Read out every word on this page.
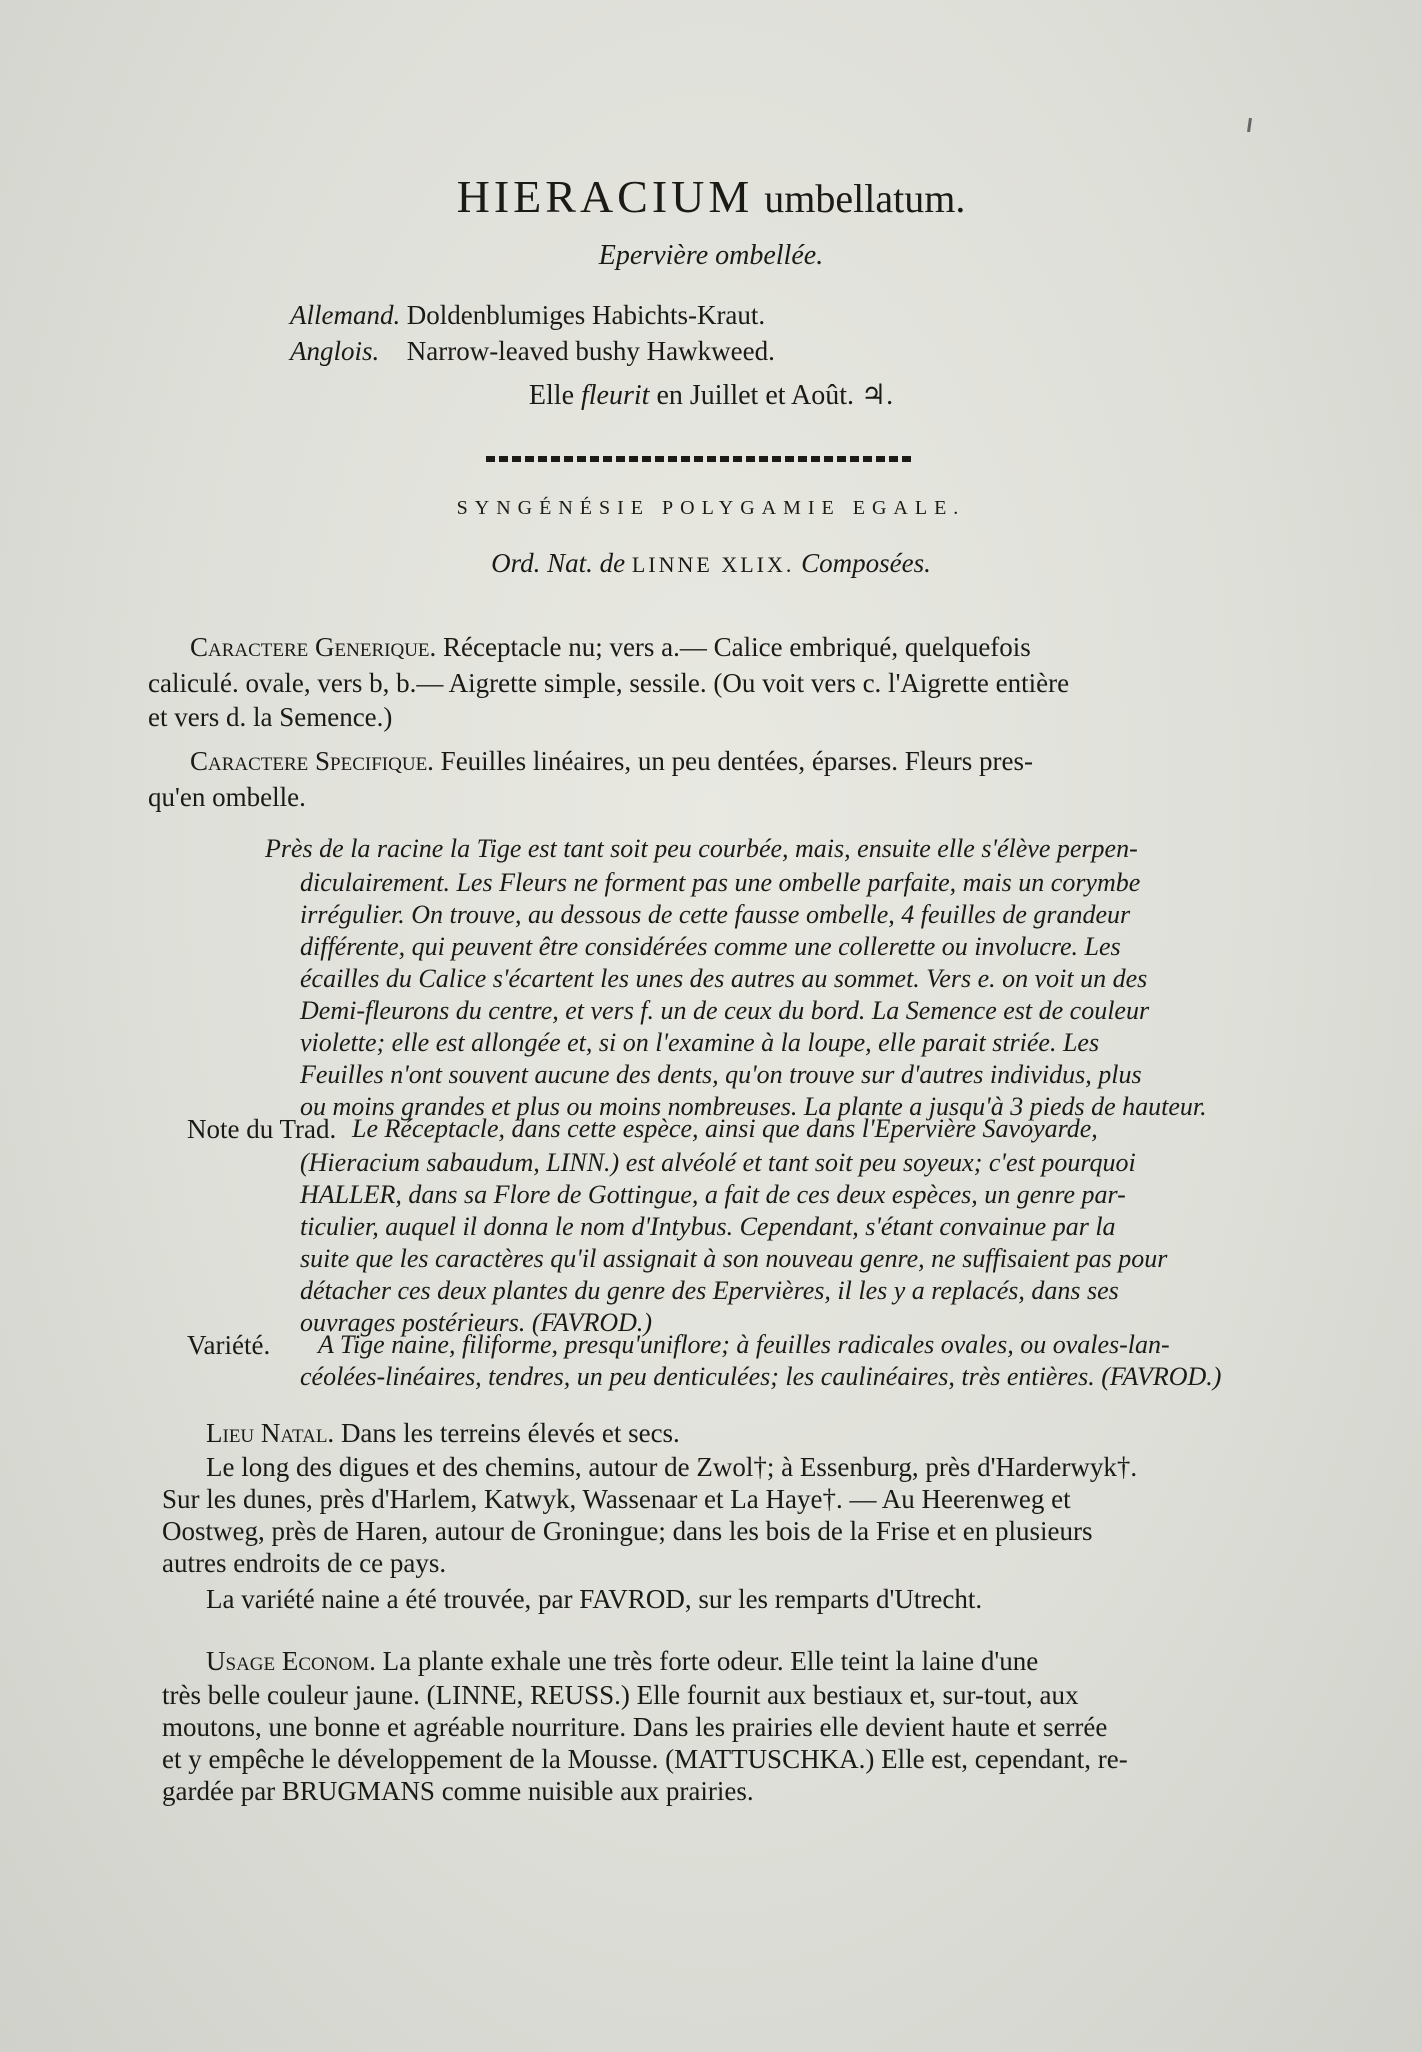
HIERACIUM umbellatum.
Epervière ombellée.
Allemand. Doldenblumiges Habichts-Kraut.
Anglois. Narrow-leaved bushy Hawkweed.
Elle fleurit en Juillet et Août. ♃.
SYNGÉNÉSIE POLYGAMIE EGALE.
Ord. Nat. de LINNE XLIX. Composées.
Caractere Generique. Réceptacle nu; vers a.— Calice embriqué, quelquefois
caliculé. ovale, vers b, b.— Aigrette simple, sessile. (Ou voit vers c. l'Aigrette entière
et vers d. la Semence.)
Caractere Specifique. Feuilles linéaires, un peu dentées, éparses. Fleurs pres-
qu'en ombelle.
Près de la racine la Tige est tant soit peu courbée, mais, ensuite elle s'élève perpen-
diculairement. Les Fleurs ne forment pas une ombelle parfaite, mais un corymbe
irrégulier. On trouve, au dessous de cette fausse ombelle, 4 feuilles de grandeur
différente, qui peuvent être considérées comme une collerette ou involucre. Les
écailles du Calice s'écartent les unes des autres au sommet. Vers e. on voit un des
Demi-fleurons du centre, et vers f. un de ceux du bord. La Semence est de couleur
violette; elle est allongée et, si on l'examine à la loupe, elle parait striée. Les
Feuilles n'ont souvent aucune des dents, qu'on trouve sur d'autres individus, plus
ou moins grandes et plus ou moins nombreuses. La plante a jusqu'à 3 pieds de hauteur.
Note du Trad. Le Réceptacle, dans cette espèce, ainsi que dans l'Epervière Savoyarde,
(Hieracium sabaudum, LINN.) est alvéolé et tant soit peu soyeux; c'est pourquoi
HALLER, dans sa Flore de Gottingue, a fait de ces deux espèces, un genre par-
ticulier, auquel il donna le nom d'Intybus. Cependant, s'étant convainue par la
suite que les caractères qu'il assignait à son nouveau genre, ne suffisaient pas pour
détacher ces deux plantes du genre des Epervières, il les y a replacés, dans ses
ouvrages postérieurs. (FAVROD.)
Variété. A Tige naine, filiforme, presqu'uniflore; à feuilles radicales ovales, ou ovales-lan-
céolées-linéaires, tendres, un peu denticulées; les caulinéaires, très entières. (FAVROD.)
Lieu Natal. Dans les terreins élevés et secs.
Le long des digues et des chemins, autour de Zwol†; à Essenburg, près d'Harderwyk†.
Sur les dunes, près d'Harlem, Katwyk, Wassenaar et La Haye†. — Au Heerenweg et
Oostweg, près de Haren, autour de Groningue; dans les bois de la Frise et en plusieurs
autres endroits de ce pays.
La variété naine a été trouvée, par FAVROD, sur les remparts d'Utrecht.
Usage Econom. La plante exhale une très forte odeur. Elle teint la laine d'une
très belle couleur jaune. (LINNE, REUSS.) Elle fournit aux bestiaux et, sur-tout, aux
moutons, une bonne et agréable nourriture. Dans les prairies elle devient haute et serrée
et y empêche le développement de la Mousse. (MATTUSCHKA.) Elle est, cependant, re-
gardée par BRUGMANS comme nuisible aux prairies.
